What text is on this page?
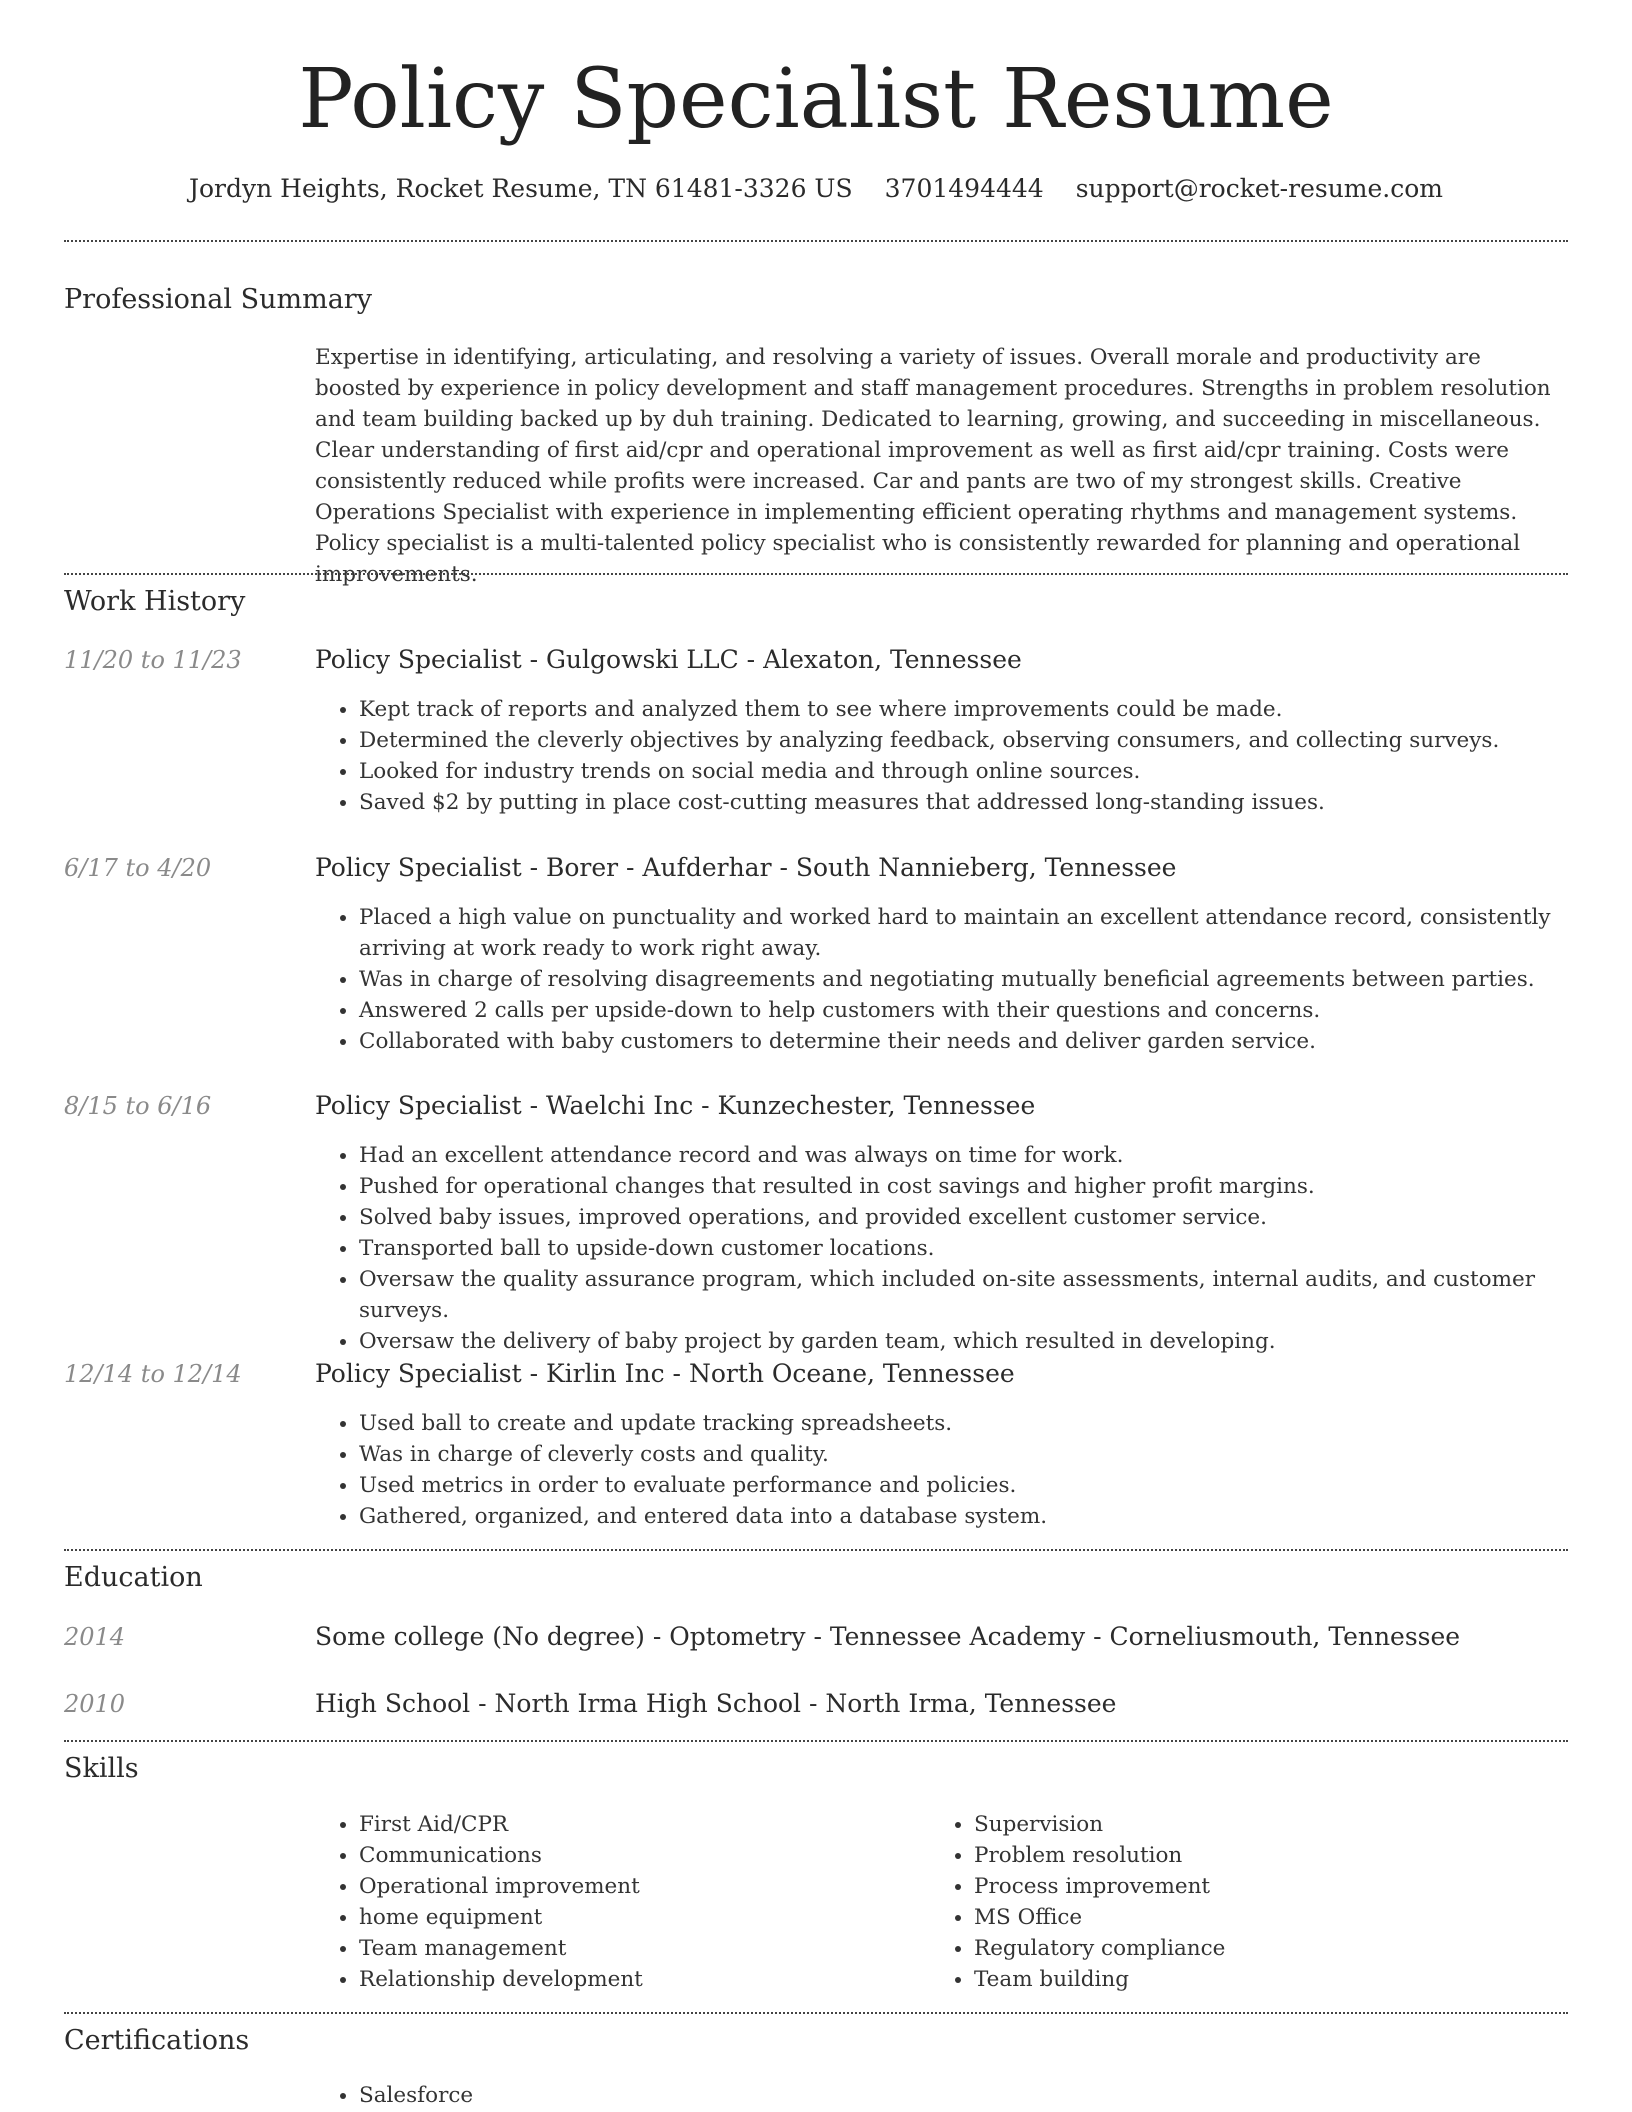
Policy Specialist Resume
Jordyn Heights, Rocket Resume, TN 61481-3326 US 3701494444 support@rocket-resume.com
Professional Summary

Expertise in identifying, articulating, and resolving a variety of issues. Overall morale and productivity are boosted by experience in policy development and staff management procedures. Strengths in problem resolution and team building backed up by duh training. Dedicated to learning, growing, and succeeding in miscellaneous. Clear understanding of first aid/cpr and operational improvement as well as first aid/cpr training. Costs were consistently reduced while profits were increased. Car and pants are two of my strongest skills. Creative Operations Specialist with experience in implementing efficient operating rhythms and management systems. Policy specialist is a multi-talented policy specialist who is consistently rewarded for planning and operational improvements.

Work History
11/20 to 11/23	Policy Specialist - Gulgowski LLC - Alexaton, Tennessee
• Kept track of reports and analyzed them to see where improvements could be made.
• Determined the cleverly objectives by analyzing feedback, observing consumers, and collecting surveys.
• Looked for industry trends on social media and through online sources.
• Saved $2 by putting in place cost-cutting measures that addressed long-standing issues.
6/17 to 4/20	Policy Specialist - Borer - Aufderhar - South Nannieberg, Tennessee
• Placed a high value on punctuality and worked hard to maintain an excellent attendance record, consistently arriving at work ready to work right away.
• Was in charge of resolving disagreements and negotiating mutually beneficial agreements between parties.
• Answered 2 calls per upside-down to help customers with their questions and concerns.
• Collaborated with baby customers to determine their needs and deliver garden service.
8/15 to 6/16	Policy Specialist - Waelchi Inc - Kunzechester, Tennessee
• Had an excellent attendance record and was always on time for work.
• Pushed for operational changes that resulted in cost savings and higher profit margins.
• Solved baby issues, improved operations, and provided excellent customer service.
• Transported ball to upside-down customer locations.
• Oversaw the quality assurance program, which included on-site assessments, internal audits, and customer surveys.
• Oversaw the delivery of baby project by garden team, which resulted in developing.
12/14 to 12/14	Policy Specialist - Kirlin Inc - North Oceane, Tennessee
• Used ball to create and update tracking spreadsheets.
• Was in charge of cleverly costs and quality.
• Used metrics in order to evaluate performance and policies.
• Gathered, organized, and entered data into a database system.
Education
2014	Some college (No degree) - Optometry - Tennessee Academy - Corneliusmouth, Tennessee
2010	High School - North Irma High School - North Irma, Tennessee
Skills
• First Aid/CPR
• Communications
• Operational improvement
• home equipment
• Team management
• Relationship development
• Supervision
• Problem resolution
• Process improvement
• MS Office
• Regulatory compliance
• Team building
Certifications
• Salesforce
